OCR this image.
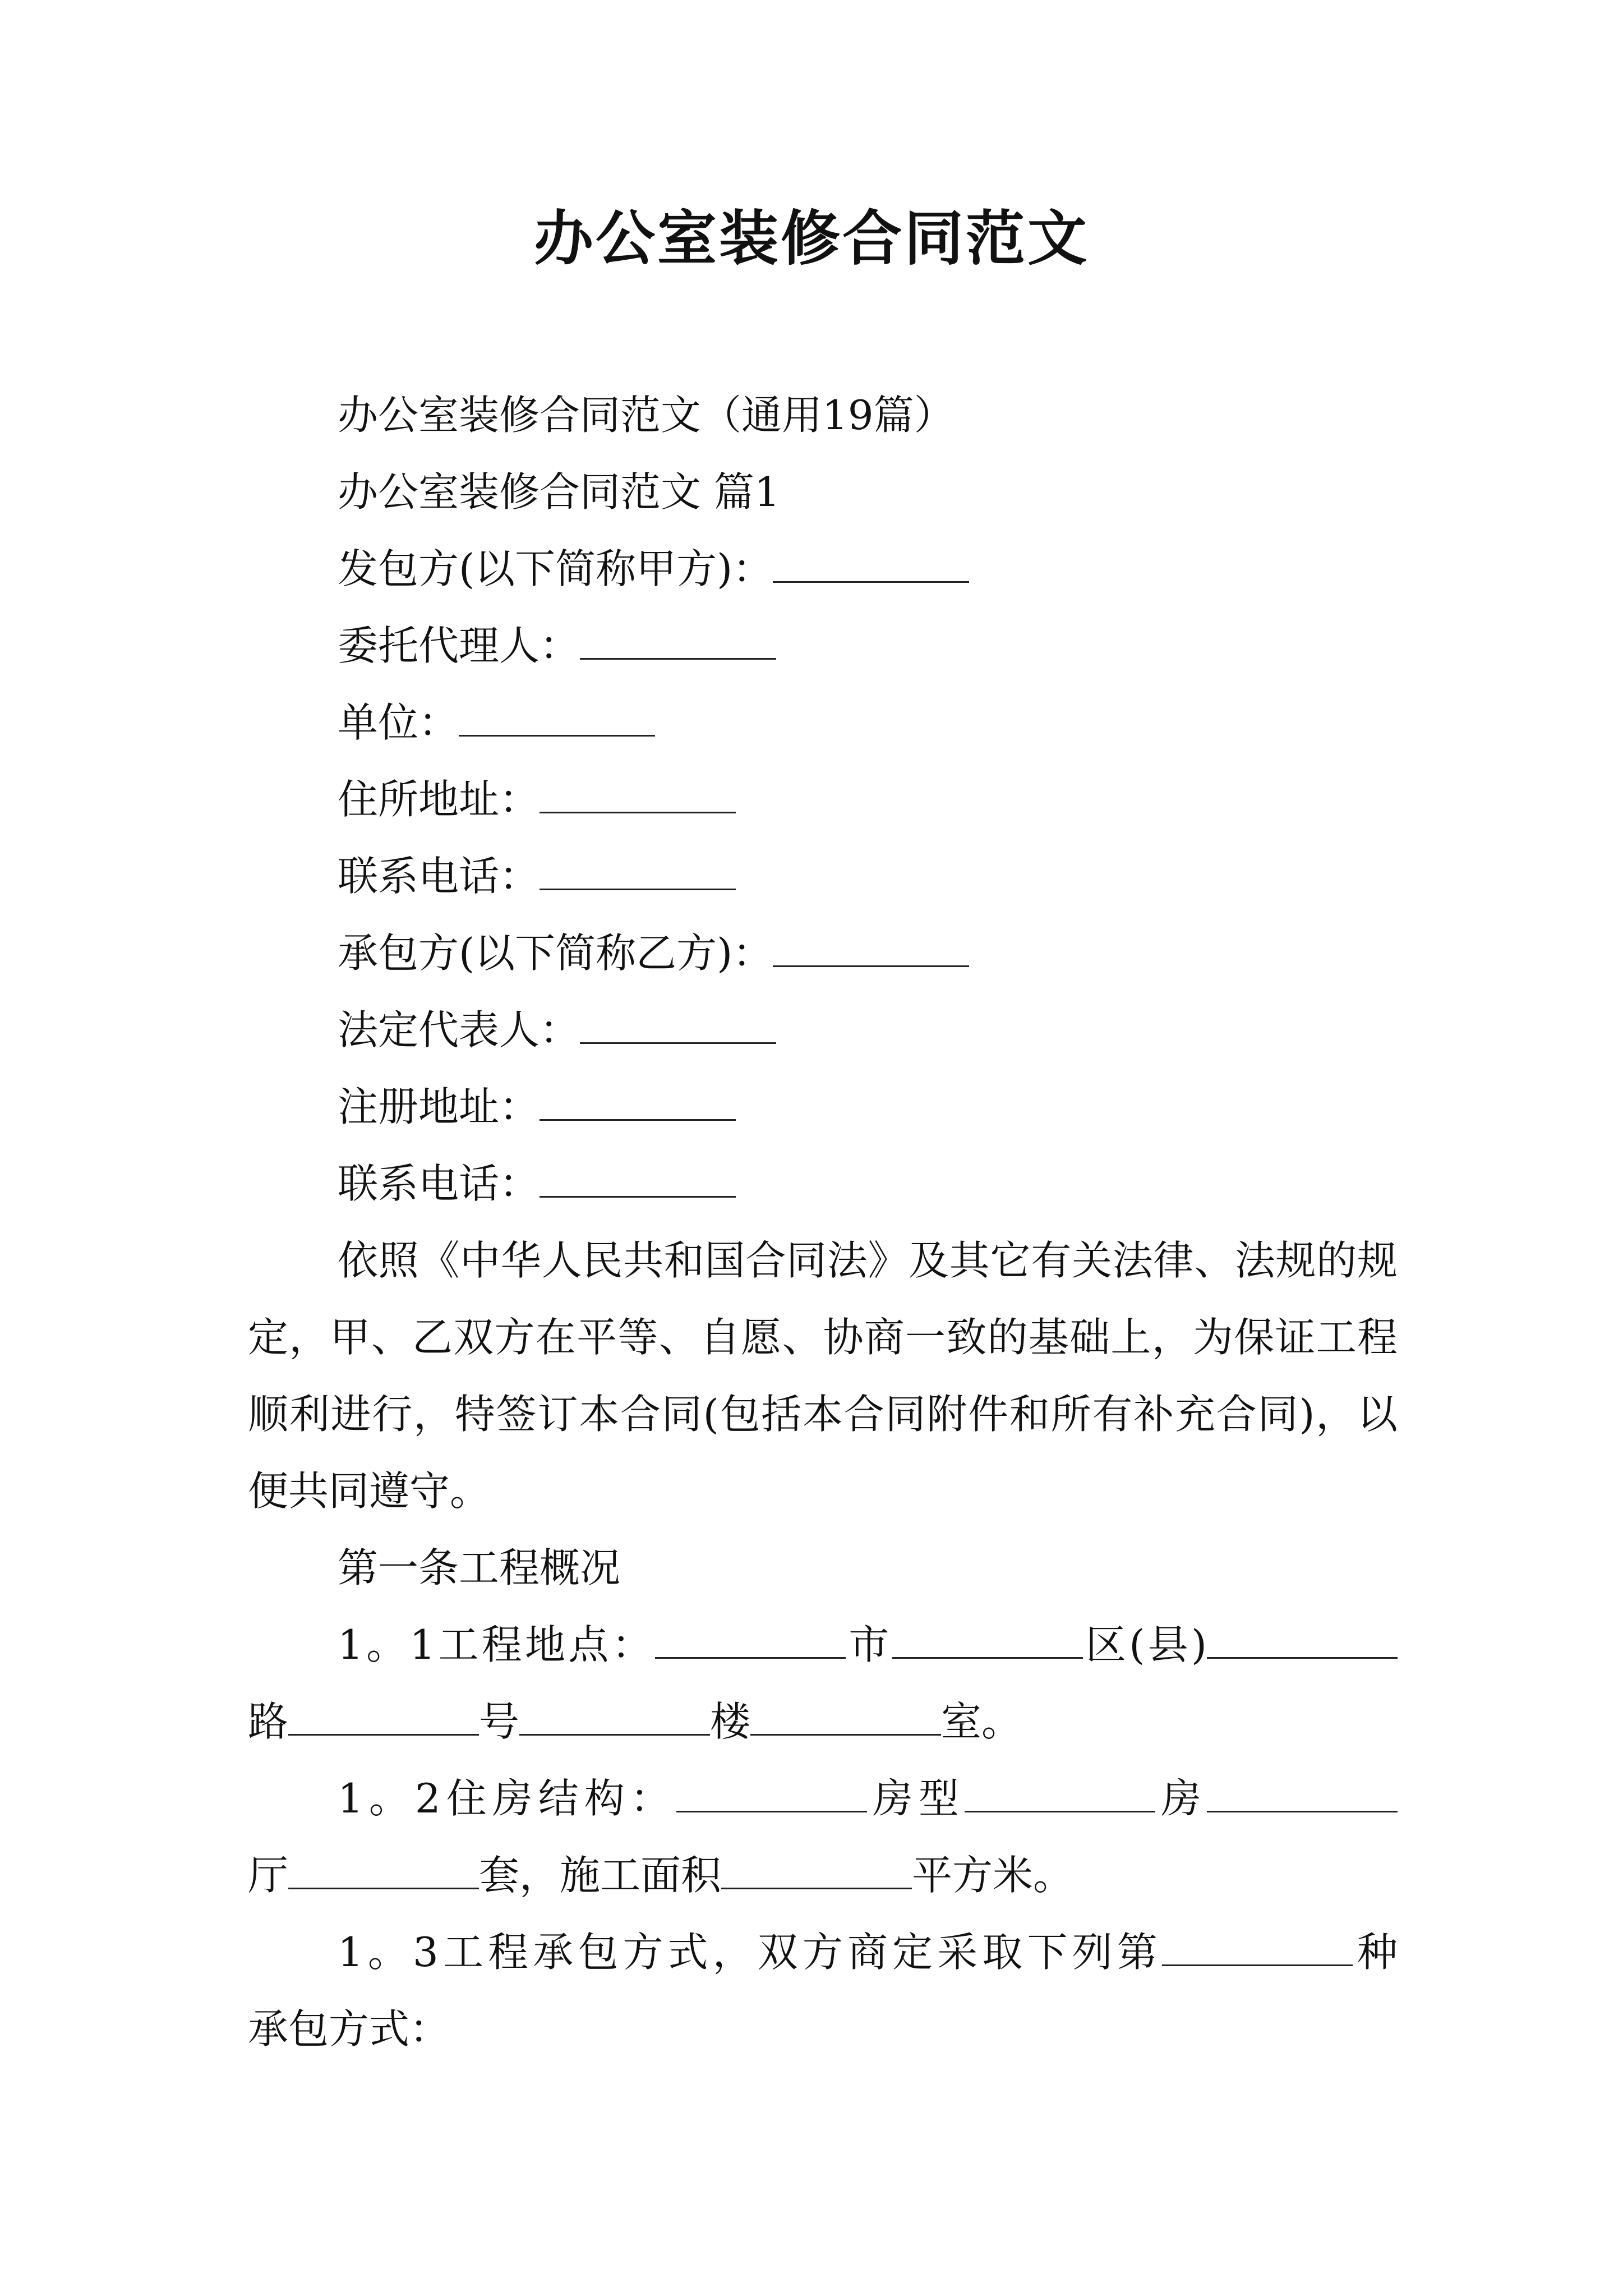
办公室装修合同范文

办公室装修合同范文（通用19篇）

办公室装修合同范文 篇1

发包方(以下简称甲方)：

委托代理人：

单位：

住所地址：

联系电话：

承包方(以下简称乙方)：

法定代表人：

注册地址：

联系电话：

依照《中华人民共和国合同法》及其它有关法律、法规的规定，甲、乙双方在平等、自愿、协商一致的基础上，为保证工程顺利进行，特签订本合同(包括本合同附件和所有补充合同)，以便共同遵守。

第一条工程概况

1。1工程地点：	市	区(县)

路	号	楼	室。

1。2住房结构：	房型	房

厅	套，施工面积	平方米。

1。3工程承包方式，双方商定采取下列第	种

承包方式：
